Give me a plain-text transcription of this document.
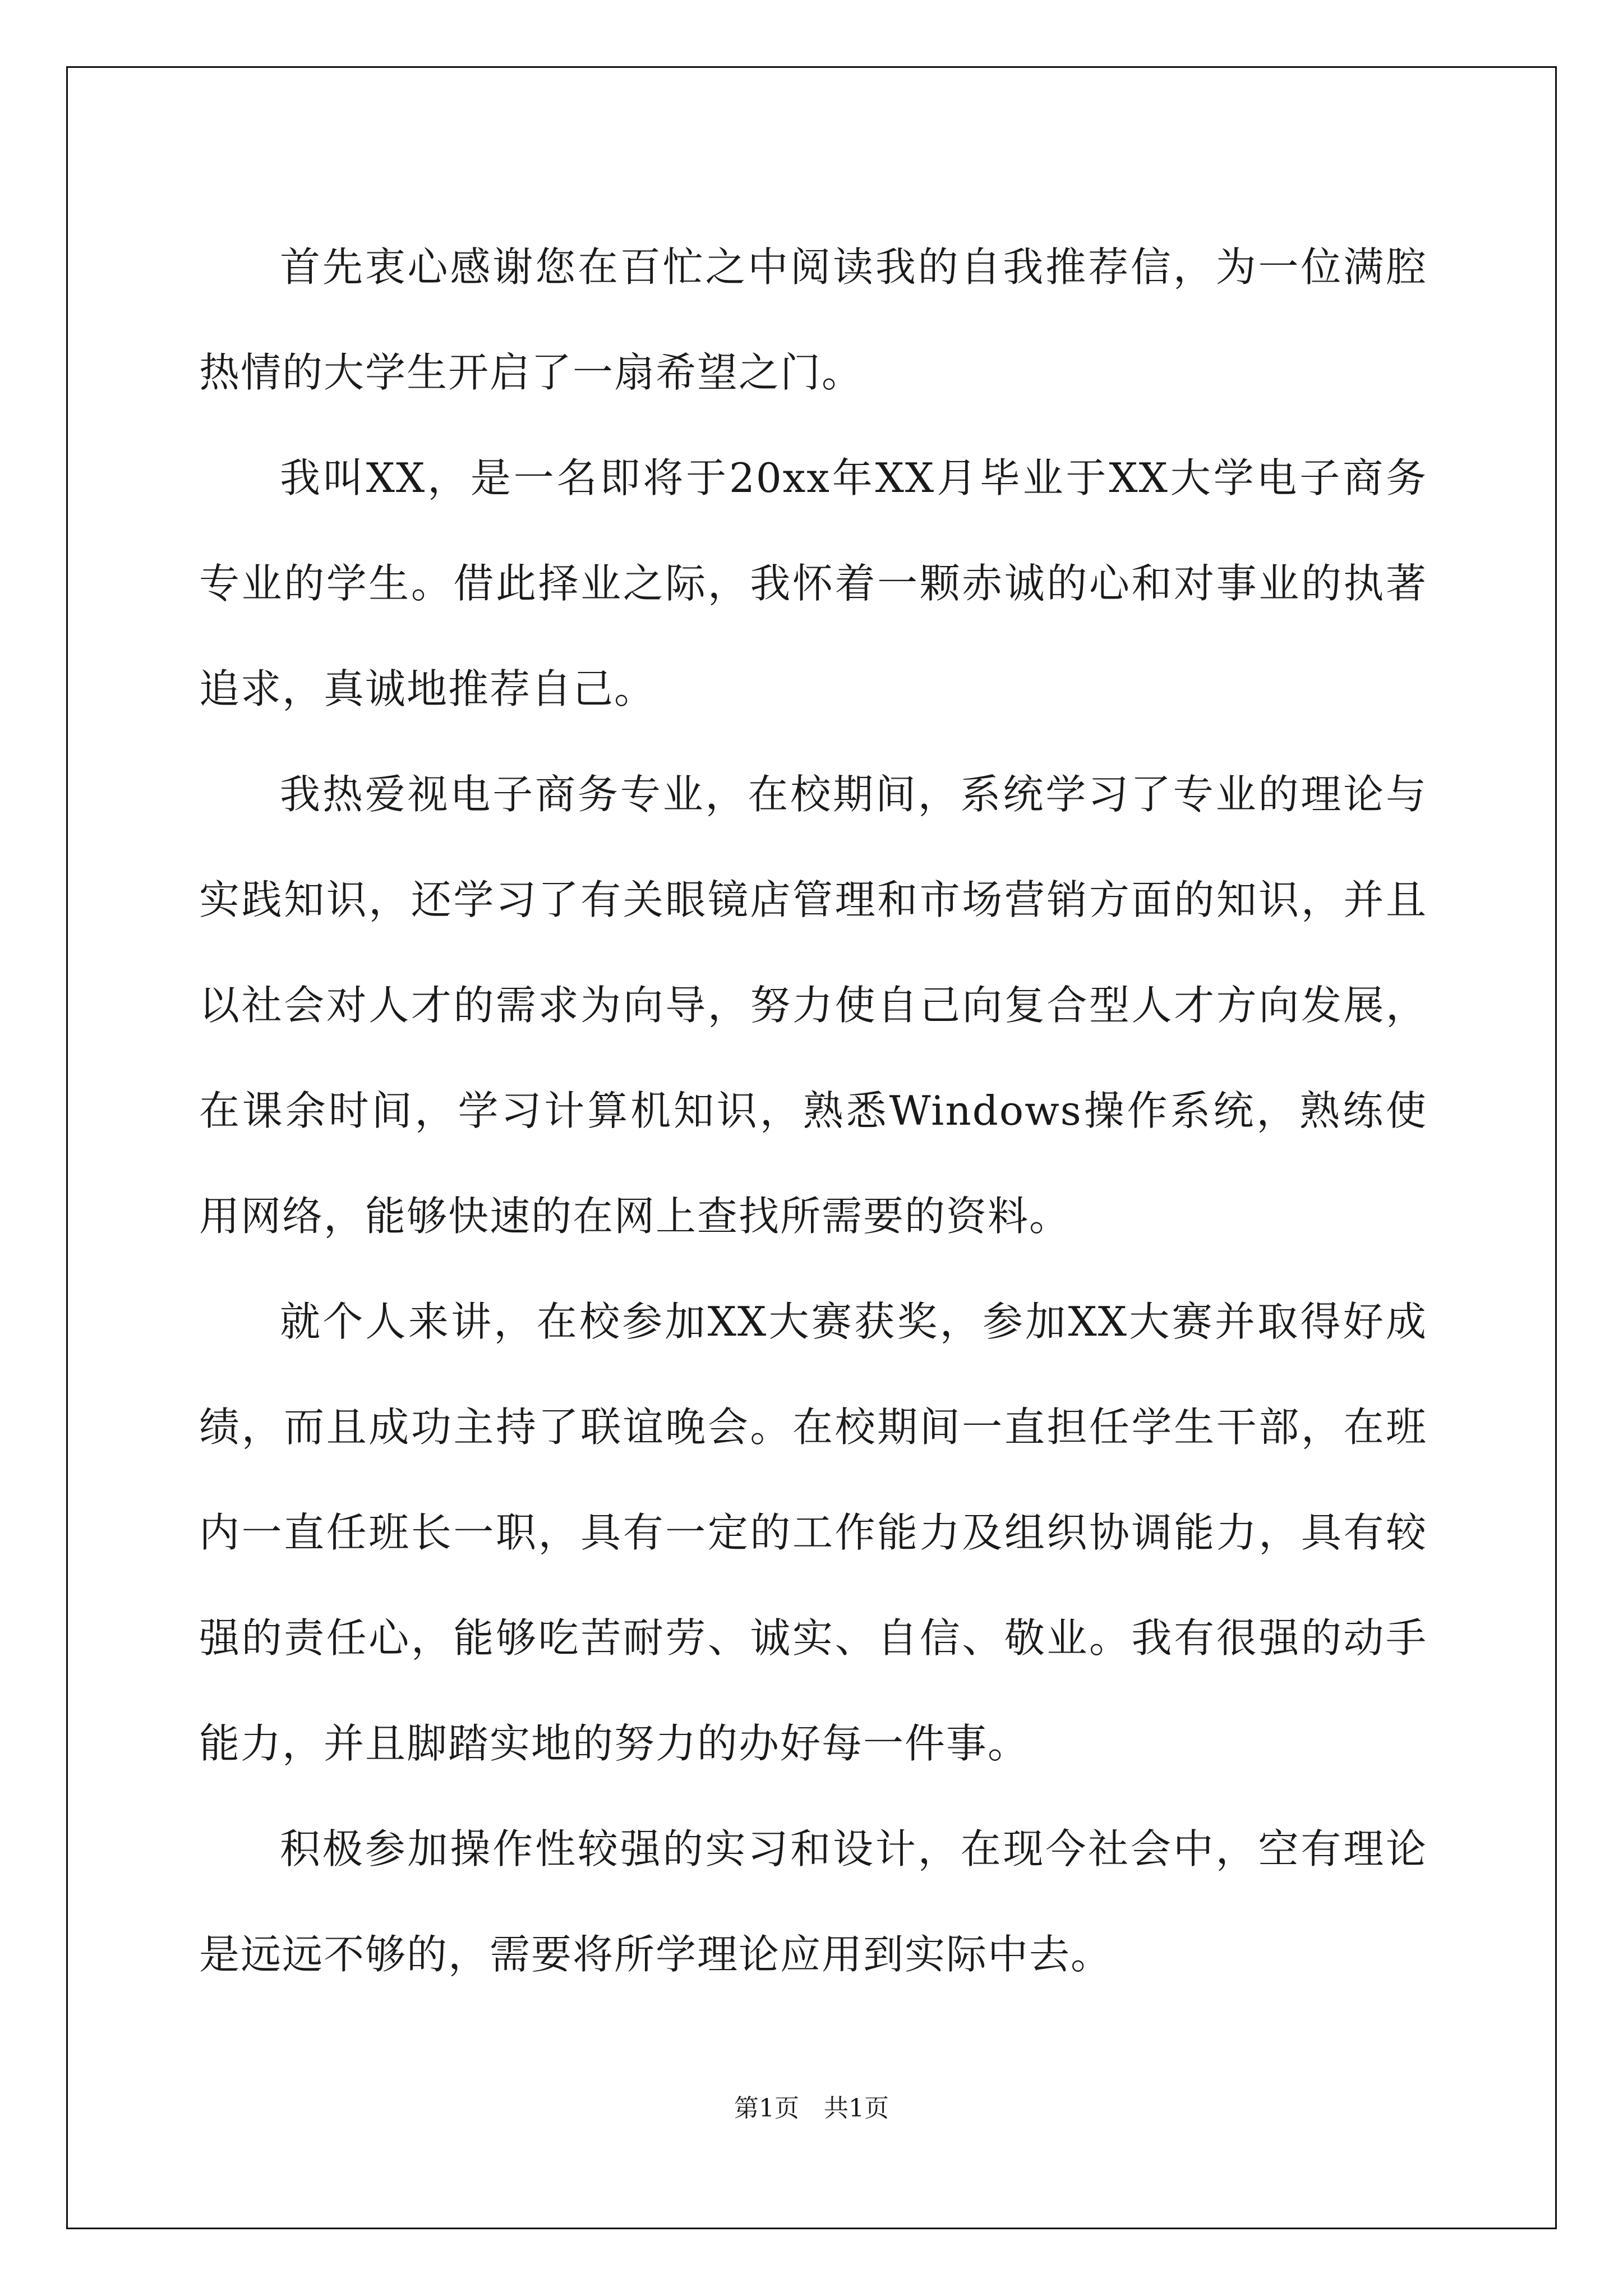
首先衷心感谢您在百忙之中阅读我的自我推荐信，为一位满腔热情的大学生开启了一扇希望之门。

我叫XX，是一名即将于20xx年XX月毕业于XX大学电子商务专业的学生。借此择业之际，我怀着一颗赤诚的心和对事业的执著追求，真诚地推荐自己。

我热爱视电子商务专业，在校期间，系统学习了专业的理论与实践知识，还学习了有关眼镜店管理和市场营销方面的知识，并且以社会对人才的需求为向导，努力使自己向复合型人才方向发展，在课余时间，学习计算机知识，熟悉Windows操作系统，熟练使用网络，能够快速的在网上查找所需要的资料。

就个人来讲，在校参加XX大赛获奖，参加XX大赛并取得好成绩，而且成功主持了联谊晚会。在校期间一直担任学生干部，在班内一直任班长一职，具有一定的工作能力及组织协调能力，具有较强的责任心，能够吃苦耐劳、诚实、自信、敬业。我有很强的动手能力，并且脚踏实地的努力的办好每一件事。

积极参加操作性较强的实习和设计，在现今社会中，空有理论是远远不够的，需要将所学理论应用到实际中去。

第1页 共1页
